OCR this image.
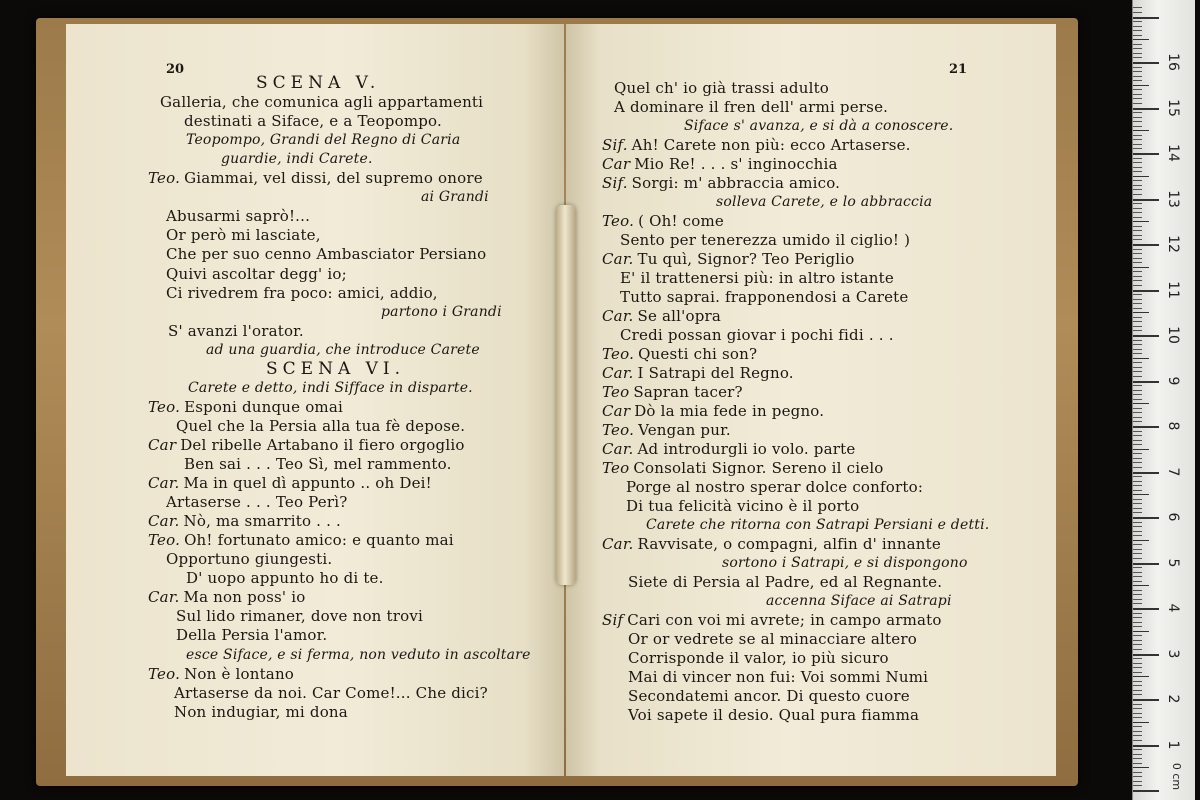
20
SCENA V.
Galleria, che comunica agli appartamenti
destinati a Siface, e a Teopompo.
Teopompo, Grandi del Regno di Caria
guardie, indi Carete.
Teo. Giammai, vel dissi, del supremo onore
ai Grandi
Abusarmi saprò!...
Or però mi lasciate,
Che per suo cenno Ambasciator Persiano
Quivi ascoltar degg' io;
Ci rivedrem fra poco: amici, addio,
partono i Grandi
S' avanzi l'orator.
ad una guardia, che introduce Carete
SCENA VI.
Carete e detto, indi Sifface in disparte.
Teo. Esponi dunque omai
Quel che la Persia alla tua fè depose.
Car Del ribelle Artabano il fiero orgoglio
Ben sai . . . Teo Sì, mel rammento.
Car. Ma in quel dì appunto .. oh Dei!
Artaserse . . . Teo Perì?
Car. Nò, ma smarrito . . .
Teo. Oh! fortunato amico: e quanto mai
Opportuno giungesti.
D' uopo appunto ho di te.
Car. Ma non poss' io
Sul lido rimaner, dove non trovi
Della Persia l'amor.
esce Siface, e si ferma, non veduto in ascoltare
Teo. Non è lontano
Artaserse da noi. Car Come!... Che dici?
Non indugiar, mi dona
21
Quel ch' io già trassi adulto
A dominare il fren dell' armi perse.
Siface s' avanza, e si dà a conoscere.
Sif. Ah! Carete non più: ecco Artaserse.
Car Mio Re! . . . s' inginocchia
Sif. Sorgi: m' abbraccia amico.
solleva Carete, e lo abbraccia
Teo. ( Oh! come
Sento per tenerezza umido il ciglio! )
Car. Tu quì, Signor? Teo Periglio
E' il trattenersi più: in altro istante
Tutto saprai. frapponendosi a Carete
Car. Se all'opra
Credi possan giovar i pochi fidi . . .
Teo. Questi chi son?
Car. I Satrapi del Regno.
Teo Sapran tacer?
Car Dò la mia fede in pegno.
Teo. Vengan pur.
Car. Ad introdurgli io volo. parte
Teo Consolati Signor. Sereno il cielo
Porge al nostro sperar dolce conforto:
Di tua felicità vicino è il porto
Carete che ritorna con Satrapi Persiani e detti.
Car. Ravvisate, o compagni, alfin d' innante
sortono i Satrapi, e si dispongono
Siete di Persia al Padre, ed al Regnante.
accenna Siface ai Satrapi
Sif Cari con voi mi avrete; in campo armato
Or or vedrete se al minacciare altero
Corrisponde il valor, io più sicuro
Mai di vincer non fui: Voi sommi Numi
Secondatemi ancor. Di questo cuore
Voi sapete il desio. Qual pura fiamma
16
15
14
13
12
11
10
9
8
7
6
5
4
3
2
1
0 cm
